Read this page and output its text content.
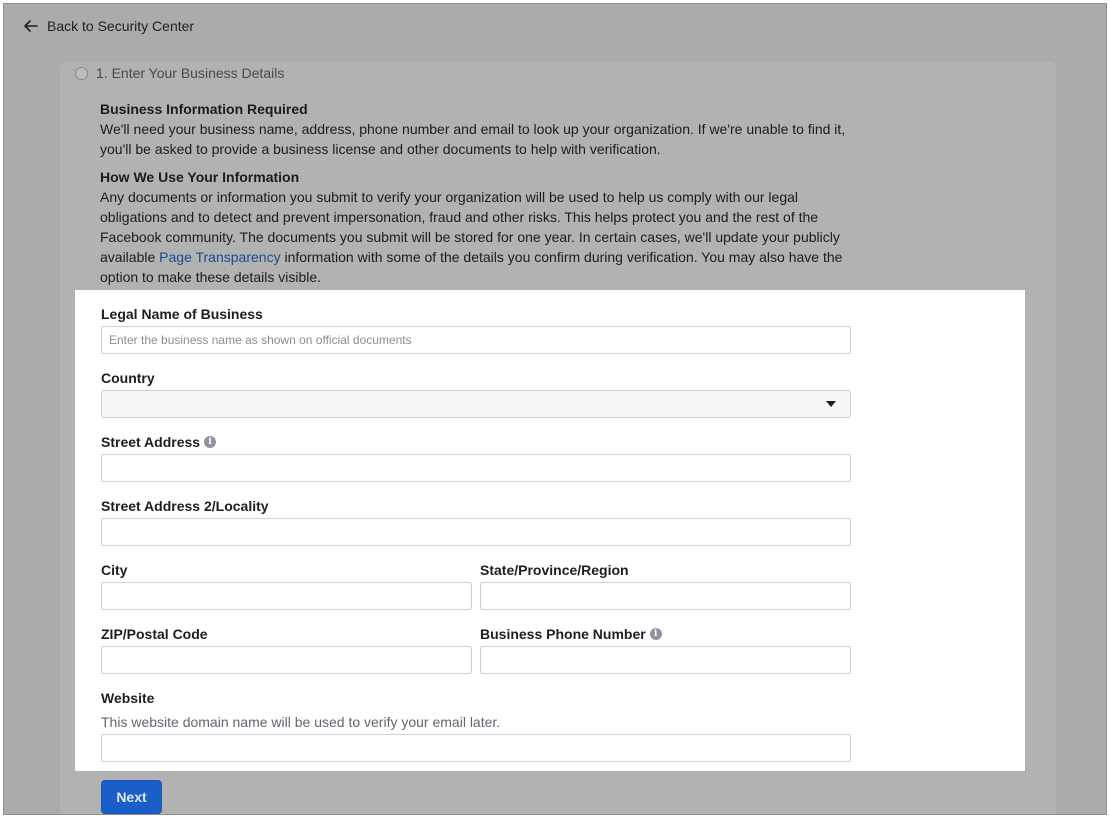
Back to Security Center
1. Enter Your Business Details
Business Information Required

We'll need your business name, address, phone number and email to look up your organization. If we're unable to find it, you'll be asked to provide a business license and other documents to help with verification.

How We Use Your Information

Any documents or information you submit to verify your organization will be used to help us comply with our legal obligations and to detect and prevent impersonation, fraud and other risks. This helps protect you and the rest of the Facebook community. The documents you submit will be stored for one year. In certain cases, we'll update your publicly available Page Transparency information with some of the details you confirm during verification. You may also have the option to make these details visible.

Legal Name of Business
Enter the business name as shown on official documents
Country
Street Address i
Street Address 2/Locality
City	State/Province/Region
ZIP/Postal Code	Business Phone Number i
Website
This website domain name will be used to verify your email later.
Next
